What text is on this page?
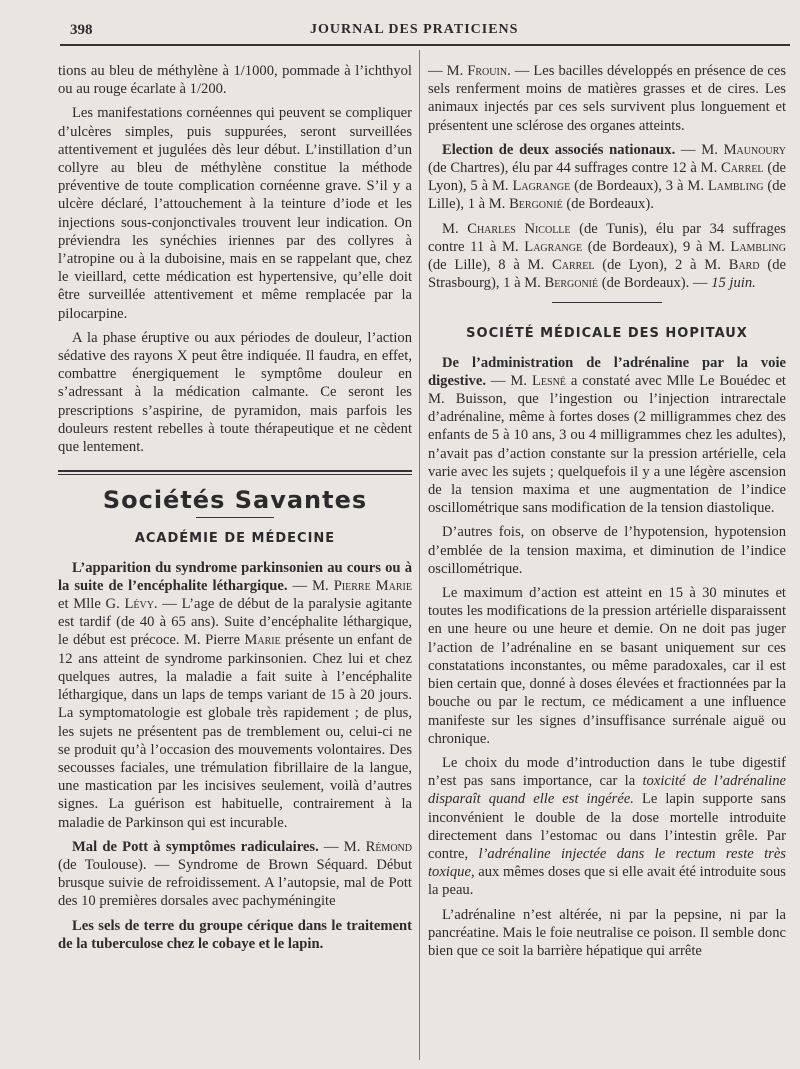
398	JOURNAL DES PRATICIENS

tions au bleu de méthylène à 1/1000, pommade à l’ichthyol ou au rouge écarlate à 1/200.

Les manifestations cornéennes qui peuvent se compliquer d’ulcères simples, puis suppurées, seront surveillées attentivement et jugulées dès leur début. L’instillation d’un collyre au bleu de méthylène constitue la méthode préventive de toute complication cornéenne grave. S’il y a ulcère déclaré, l’attouchement à la teinture d’iode et les injections sous-conjonctivales trouvent leur indication. On préviendra les synéchies iriennes par des collyres à l’atropine ou à la duboisine, mais en se rappelant que, chez le vieillard, cette médication est hypertensive, qu’elle doit être surveillée attentivement et même remplacée par la pilocarpine.

A la phase éruptive ou aux périodes de douleur, l’action sédative des rayons X peut être indiquée. Il faudra, en effet, combattre énergiquement le symptôme douleur en s’adressant à la médication calmante. Ce seront les prescriptions s’aspirine, de pyramidon, mais parfois les douleurs restent rebelles à toute thérapeutique et ne cèdent que lentement.

Sociétés Savantes
ACADÉMIE DE MÉDECINE

L’apparition du syndrome parkinsonien au cours ou à la suite de l’encéphalite léthargique. — M. Pierre Marie et Mlle G. Lévy. — L’age de début de la paralysie agitante est tardif (de 40 à 65 ans). Suite d’encéphalite léthargique, le début est précoce. M. Pierre Marie présente un enfant de 12 ans atteint de syndrome parkinsonien. Chez lui et chez quelques autres, la maladie a fait suite à l’encéphalite léthargique, dans un laps de temps variant de 15 à 20 jours. La symptomatologie est globale très rapidement ; de plus, les sujets ne présentent pas de tremblement ou, celui-ci ne se produit qu’à l’occasion des mouvements volontaires. Des secousses faciales, une trémulation fibrillaire de la langue, une mastication par les incisives seulement, voilà d’autres signes. La guérison est habituelle, contrairement à la maladie de Parkinson qui est incurable.

Mal de Pott à symptômes radiculaires. — M. Rémond (de Toulouse). — Syndrome de Brown Séquard. Début brusque suivie de refroidissement. A l’autopsie, mal de Pott des 10 premières dorsales avec pachyméningite

Les sels de terre du groupe cérique dans le traitement de la tuberculose chez le cobaye et le lapin.

— M. Frouin. — Les bacilles développés en présence de ces sels renferment moins de matières grasses et de cires. Les animaux injectés par ces sels survivent plus longuement et présentent une sclérose des organes atteints.

Election de deux associés nationaux. — M. Maunoury (de Chartres), élu par 44 suffrages contre 12 à M. Carrel (de Lyon), 5 à M. Lagrange (de Bordeaux), 3 à M. Lambling (de Lille), 1 à M. Bergonié (de Bordeaux).

M. Charles Nicolle (de Tunis), élu par 34 suffrages contre 11 à M. Lagrange (de Bordeaux), 9 à M. Lambling (de Lille), 8 à M. Carrel (de Lyon), 2 à M. Bard (de Strasbourg), 1 à M. Bergonié (de Bordeaux). — 15 juin.

SOCIÉTÉ MÉDICALE DES HOPITAUX

De l’administration de l’adrénaline par la voie digestive. — M. Lesné a constaté avec Mlle Le Bouédec et M. Buisson, que l’ingestion ou l’injection intrarectale d’adrénaline, même à fortes doses (2 milligrammes chez des enfants de 5 à 10 ans, 3 ou 4 milligrammes chez les adultes), n’avait pas d’action constante sur la pression artérielle, cela varie avec les sujets ; quelquefois il y a une légère ascension de la tension maxima et une augmentation de l’indice oscillométrique sans modification de la tension diastolique.

D’autres fois, on observe de l’hypotension, hypotension d’emblée de la tension maxima, et diminution de l’indice oscillométrique.

Le maximum d’action est atteint en 15 à 30 minutes et toutes les modifications de la pression artérielle disparaissent en une heure ou une heure et demie. On ne doit pas juger l’action de l’adrénaline en se basant uniquement sur ces constatations inconstantes, ou même paradoxales, car il est bien certain que, donné à doses élevées et fractionnées par la bouche ou par le rectum, ce médicament a une influence manifeste sur les signes d’insuffisance surrénale aiguë ou chronique.

Le choix du mode d’introduction dans le tube digestif n’est pas sans importance, car la toxicité de l’adrénaline disparaît quand elle est ingérée. Le lapin supporte sans inconvénient le double de la dose mortelle introduite directement dans l’estomac ou dans l’intestin grêle. Par contre, l’adrénaline injectée dans le rectum reste très toxique, aux mêmes doses que si elle avait été introduite sous la peau.

L’adrénaline n’est altérée, ni par la pepsine, ni par la pancréatine. Mais le foie neutralise ce poison. Il semble donc bien que ce soit la barrière hépatique qui arrête
